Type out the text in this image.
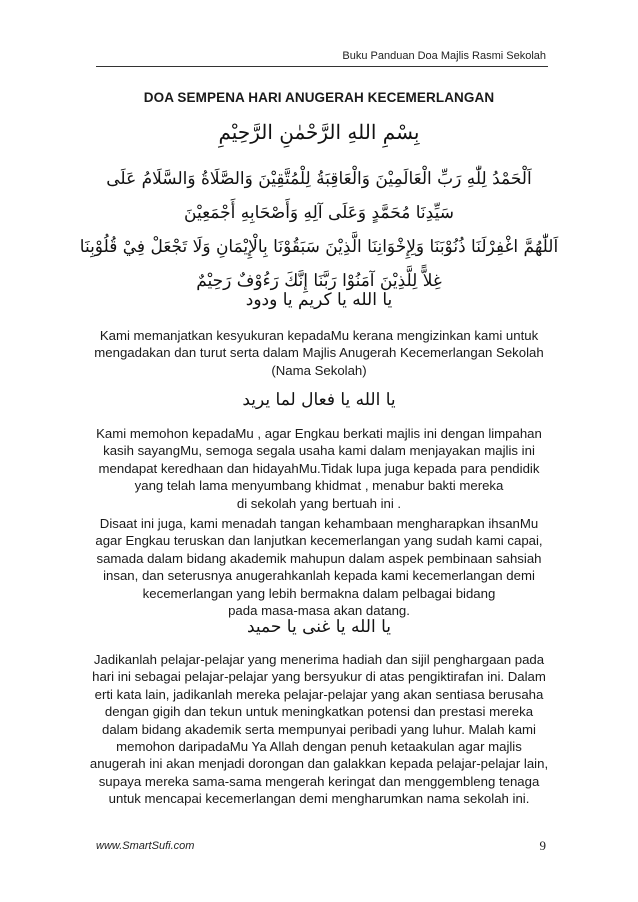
Buku Panduan Doa Majlis Rasmi Sekolah
DOA SEMPENA HARI ANUGERAH KECEMERLANGAN
بِسْمِ اللهِ الرَّحْمٰنِ الرَّحِيْمِ
اَلْحَمْدُ لِلّٰهِ رَبِّ الْعَالَمِيْنَ وَالْعَاقِبَةُ لِلْمُتَّقِيْنَ وَالصَّلَاةُ وَالسَّلَامُ عَلَى
سَيِّدِنَا مُحَمَّدٍ وَعَلَى آلِهِ وَأَصْحَابِهِ أَجْمَعِيْنَ
اَللّٰهُمَّ اغْفِرْلَنَا ذُنُوْبَنَا وَلِإِخْوَانِنَا الَّذِيْنَ سَبَقُوْنَا بِالْإِيْمَانِ وَلَا تَجْعَلْ فِيْ قُلُوْبِنَا
غِلاًّ لِلَّذِيْنَ آمَنُوْا رَبَّنَا إِنَّكَ رَءُوْفٌ رَحِيْمٌ
يا الله يا كريم يا ودود
Kami memanjatkan kesyukuran kepadaMu kerana mengizinkan kami untuk
mengadakan dan turut serta dalam Majlis Anugerah Kecemerlangan Sekolah
(Nama Sekolah)
يا الله يا فعال لما يريد
Kami memohon kepadaMu , agar Engkau berkati majlis ini dengan limpahan
kasih sayangMu, semoga segala usaha kami dalam menjayakan majlis ini
mendapat keredhaan dan hidayahMu.Tidak lupa juga kepada para pendidik
yang telah lama menyumbang khidmat , menabur bakti mereka
di sekolah yang bertuah ini .
Disaat ini juga, kami menadah tangan kehambaan mengharapkan ihsanMu
agar Engkau teruskan dan lanjutkan kecemerlangan yang sudah kami capai,
samada dalam bidang akademik mahupun dalam aspek pembinaan sahsiah
insan, dan seterusnya anugerahkanlah kepada kami kecemerlangan demi
kecemerlangan yang lebih bermakna dalam pelbagai bidang
pada masa-masa akan datang.
يا الله يا غنى يا حميد
Jadikanlah pelajar-pelajar yang menerima hadiah dan sijil penghargaan pada
hari ini sebagai pelajar-pelajar yang bersyukur di atas pengiktirafan ini. Dalam
erti kata lain, jadikanlah mereka pelajar-pelajar yang akan sentiasa berusaha
dengan gigih dan tekun untuk meningkatkan potensi dan prestasi mereka
dalam bidang akademik serta mempunyai peribadi yang luhur. Malah kami
memohon daripadaMu Ya Allah dengan penuh ketaakulan agar majlis
anugerah ini akan menjadi dorongan dan galakkan kepada pelajar-pelajar lain,
supaya mereka sama-sama mengerah keringat dan menggembleng tenaga
untuk mencapai kecemerlangan demi mengharumkan nama sekolah ini.
www.SmartSufi.com	9
